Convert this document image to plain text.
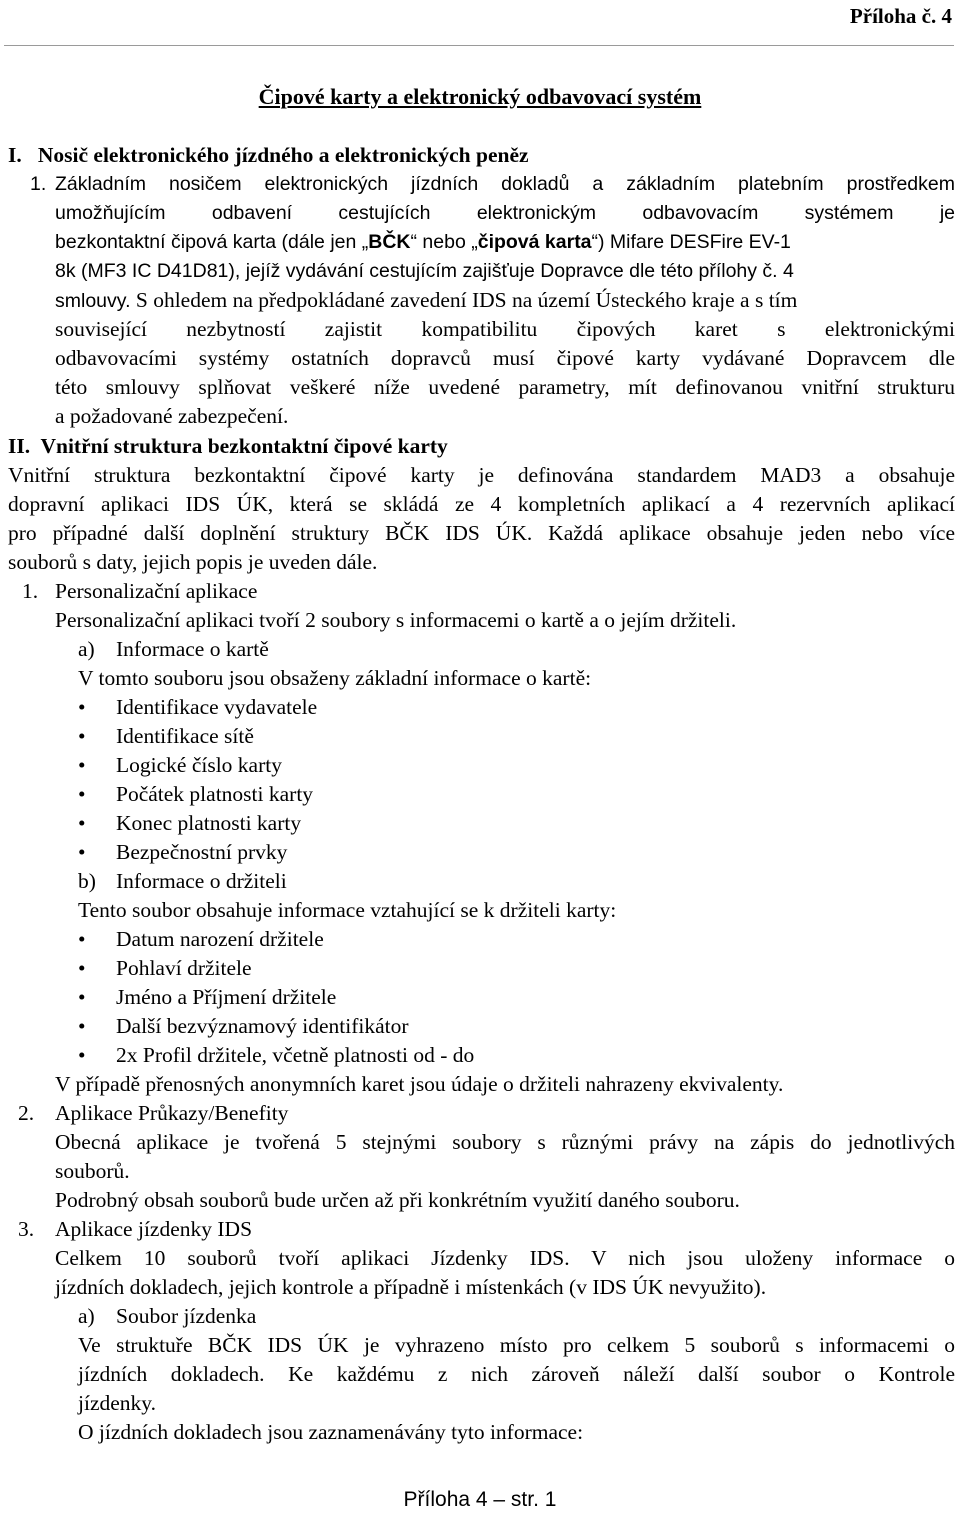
Příloha č. 4
Čipové karty a elektronický odbavovací systém
I.   Nosič elektronického jízdného a elektronických peněz
1. Základním nosičem elektronických jízdních dokladů a základním platebním prostředkem
umožňujícím odbavení cestujících elektronickým odbavovacím systémem je
bezkontaktní čipová karta (dále jen „BČK“ nebo „čipová karta“) Mifare DESFire EV-1
8k (MF3 IC D41D81), jejíž vydávání cestujícím zajišťuje Dopravce dle této přílohy č. 4
smlouvy. S ohledem na předpokládané zavedení IDS na území Ústeckého kraje a s tím
související nezbytností zajistit kompatibilitu čipových karet s elektronickými
odbavovacími systémy ostatních dopravců musí čipové karty vydávané Dopravcem dle
této smlouvy splňovat veškeré níže uvedené parametry, mít definovanou vnitřní strukturu
a požadované zabezpečení.
II.  Vnitřní struktura bezkontaktní čipové karty
Vnitřní struktura bezkontaktní čipové karty je definována standardem MAD3 a obsahuje
dopravní aplikaci IDS ÚK, která se skládá ze 4 kompletních aplikací a 4 rezervních aplikací
pro případné další doplnění struktury BČK IDS ÚK. Každá aplikace obsahuje jeden nebo více
souborů s daty, jejich popis je uveden dále.
1. Personalizační aplikace
Personalizační aplikaci tvoří 2 soubory s informacemi o kartě a o jejím držiteli.
a) Informace o kartě
V tomto souboru jsou obsaženy základní informace o kartě:
• Identifikace vydavatele
• Identifikace sítě
• Logické číslo karty
• Počátek platnosti karty
• Konec platnosti karty
• Bezpečnostní prvky
b) Informace o držiteli
Tento soubor obsahuje informace vztahující se k držiteli karty:
• Datum narození držitele
• Pohlaví držitele
• Jméno a Příjmení držitele
• Další bezvýznamový identifikátor
• 2x Profil držitele, včetně platnosti od - do
V případě přenosných anonymních karet jsou údaje o držiteli nahrazeny ekvivalenty.
2. Aplikace Průkazy/Benefity
Obecná aplikace je tvořená 5 stejnými soubory s různými právy na zápis do jednotlivých
souborů.
Podrobný obsah souborů bude určen až při konkrétním využití daného souboru.
3. Aplikace jízdenky IDS
Celkem 10 souborů tvoří aplikaci Jízdenky IDS. V nich jsou uloženy informace o
jízdních dokladech, jejich kontrole a případně i místenkách (v IDS ÚK nevyužito).
a) Soubor jízdenka
Ve struktuře BČK IDS ÚK je vyhrazeno místo pro celkem 5 souborů s informacemi o
jízdních dokladech. Ke každému z nich zároveň náleží další soubor o Kontrole
jízdenky.
O jízdních dokladech jsou zaznamenávány tyto informace:
Příloha 4 – str. 1
